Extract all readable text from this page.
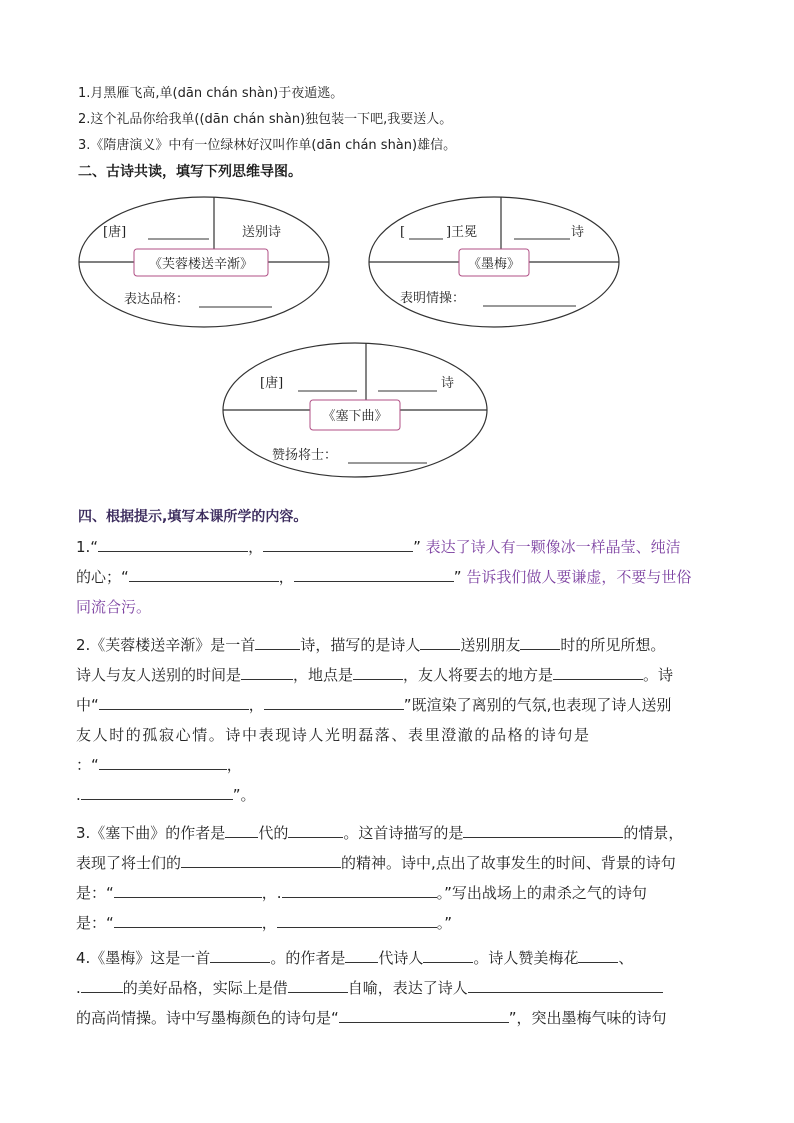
1.月黑雁飞高,单(dān chán shàn)于夜遁逃。
2.这个礼品你给我单((dān chán shàn)独包装一下吧,我要送人。
3.《隋唐演义》中有一位绿林好汉叫作单(dān chán shàn)雄信。
二、古诗共读，填写下列思维导图。
《芙蓉楼送辛渐》
[唐]	送别诗
表达品格：
《墨梅》
[	]王冕	诗
表明情操：
《塞下曲》
[唐]	诗
赞扬将士：
四、根据提示,填写本课所学的内容。

1.“	，	” 表达了诗人有一颗像冰一样晶莹、纯洁

的心；“	，	” 告诉我们做人要谦虚，不要与世俗

同流合污。

2.《芙蓉楼送辛渐》是一首	诗，描写的是诗人	送别朋友	时的所见所想。

诗人与友人送别的时间是	，地点是	，友人将要去的地方是	。诗

中“	，	”既渲染了离别的气氛,也表现了诗人送别

友人时的孤寂心情。诗中表现诗人光明磊落、表里澄澈的品格的诗句是

：“	，

.	”。

3.《塞下曲》的作者是 代的	。这首诗描写的是	的情景，

表现了将士们的	的精神。诗中,点出了故事发生的时间、背景的诗句

是：“	，.	。”写出战场上的肃杀之气的诗句

是：“	，	。”

4.《墨梅》这是一首	。的作者是 代诗人	。诗人赞美梅花	、

.	的美好品格，实际上是借	自喻，表达了诗人

的高尚情操。诗中写墨梅颜色的诗句是“	”，突出墨梅气味的诗句
